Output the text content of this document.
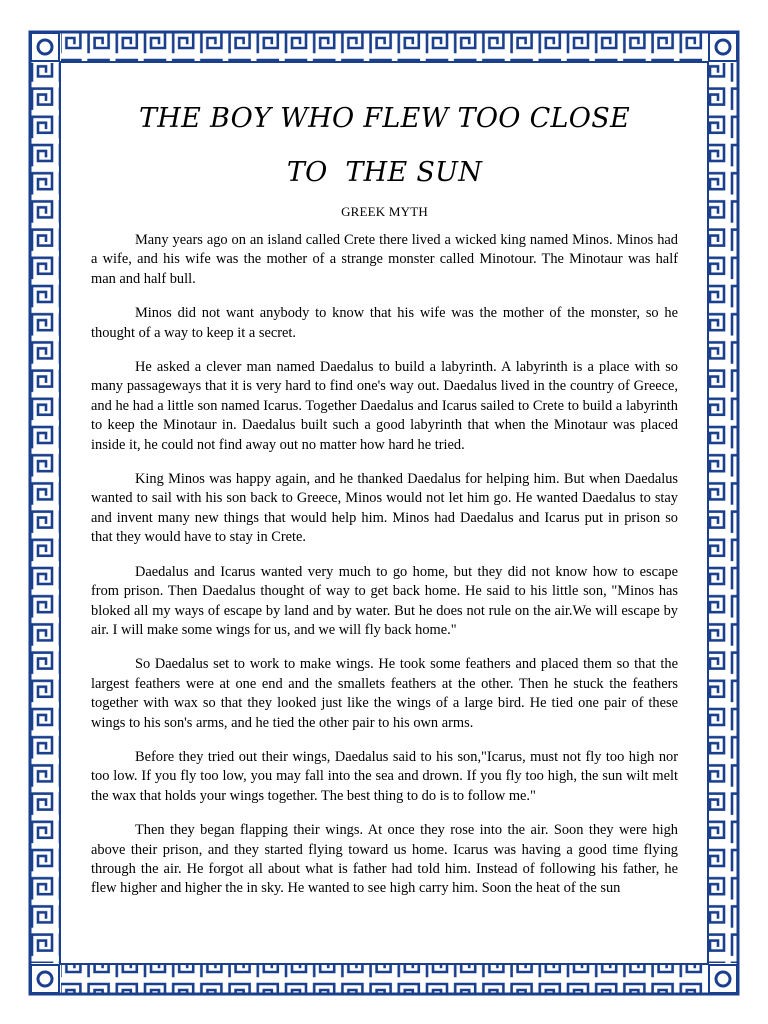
THE BOY WHO FLEW TOO CLOSE
TO  THE SUN
GREEK MYTH

Many years ago on an island called Crete there lived a wicked king named Minos. Minos had a wife, and his wife was the mother of a strange monster called Minotour. The Minotaur was half man and half bull.

Minos did not want anybody to know that his wife was the mother of the monster, so he thought of a way to keep it a secret.

He asked a clever man named Daedalus to build a labyrinth. A labyrinth is a place with so many passageways that it is very hard to find one's way out. Daedalus lived in the country of Greece, and he had a little son named Icarus. Together Daedalus and Icarus sailed to Crete to build a labyrinth to keep the Minotaur in. Daedalus built such a good labyrinth that when the Minotaur was placed inside it, he could not find away out no matter how hard he tried.

King Minos was happy again, and he thanked Daedalus for helping him. But when Daedalus wanted to sail with his son back to Greece, Minos would not let him go. He wanted Daedalus to stay and invent many new things that would help him. Minos had Daedalus and Icarus put in prison so that they would have to stay in Crete.

Daedalus and Icarus wanted very much to go home, but they did not know how to escape from prison. Then Daedalus thought of way to get back home. He said to his little son, "Minos has bloked all my ways of escape by land and by water. But he does not rule on the air.We will escape by air. I will make some wings for us, and we will fly back home."

So Daedalus set to work to make wings. He took some feathers and placed them so that the largest feathers were at one end and the smallets feathers at the other. Then he stuck the feathers together with wax so that they looked just like the wings of a large bird. He tied one pair of these wings to his son's arms, and he tied the other pair to his own arms.

Before they tried out their wings, Daedalus said to his son,"Icarus, must not fly too high nor too low. If you fly too low, you may fall into the sea and drown. If you fly too high, the sun wilt melt the wax that holds your wings together. The best thing to do is to follow me."

Then they began flapping their wings. At once they rose into the air. Soon they were high above their prison, and they started flying toward us home. Icarus was having a good time flying through the air. He forgot all about what is father had told him. Instead of following his father, he flew higher and higher the in sky. He wanted to see high carry him. Soon the heat of the sun
